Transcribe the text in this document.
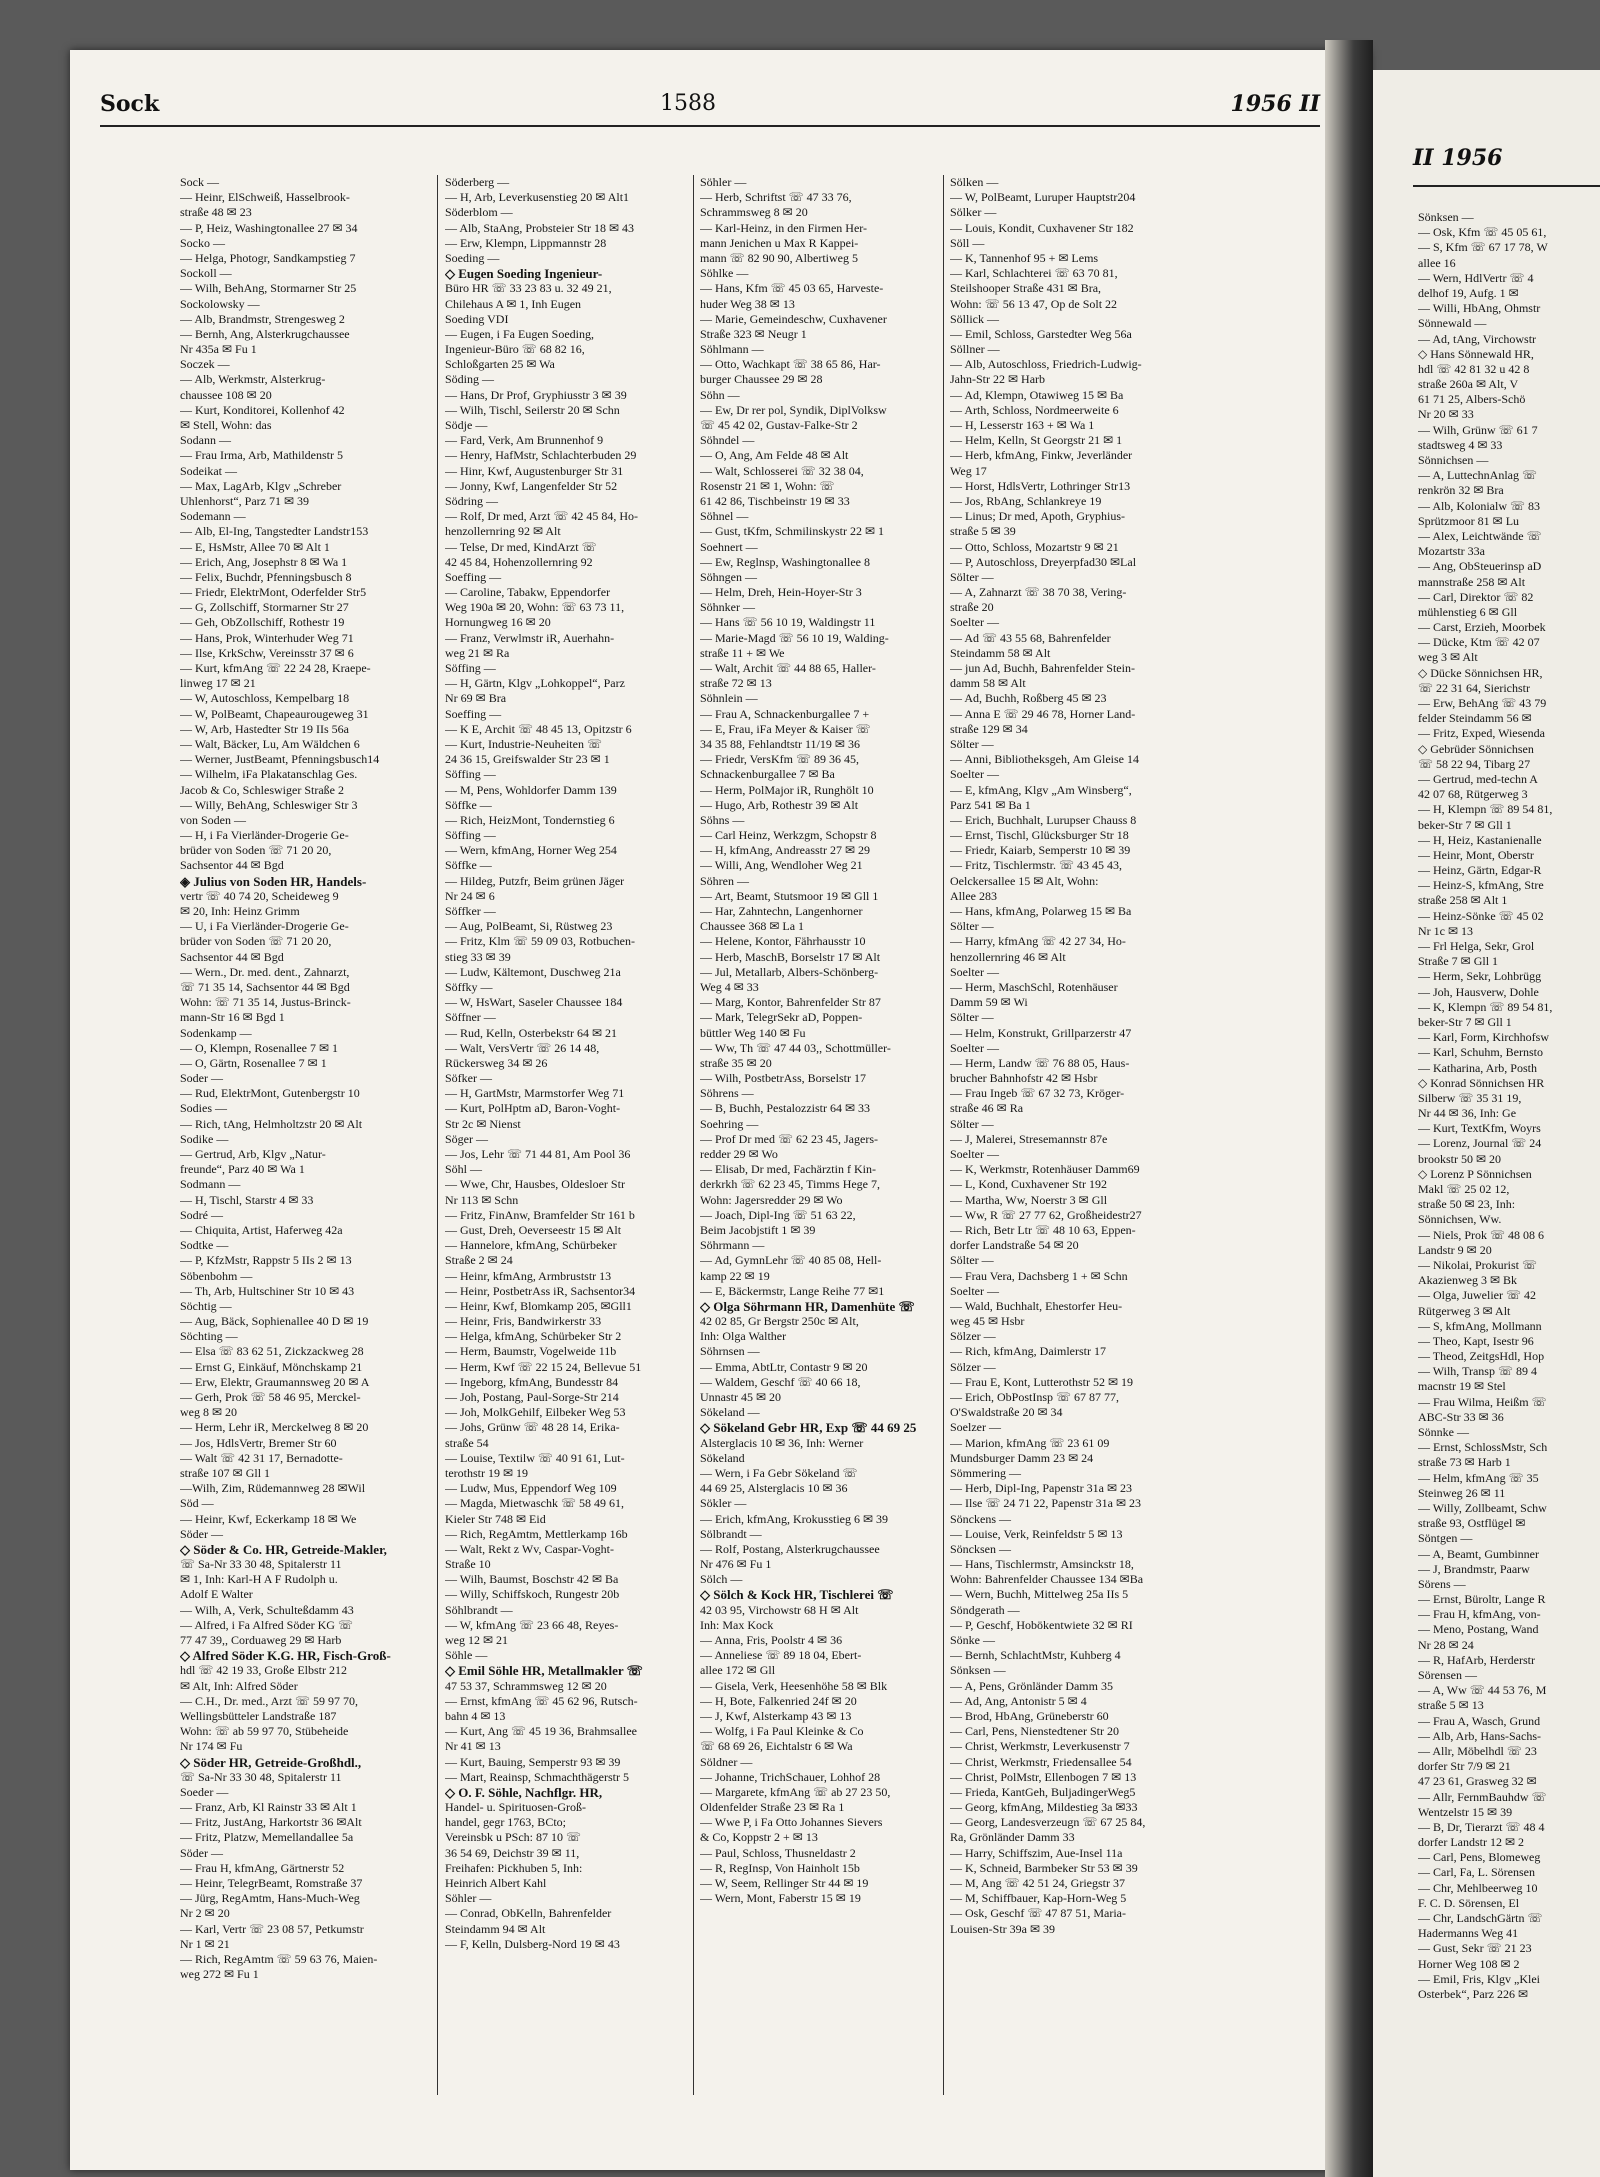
II 1956
Sönksen —
— Osk, Kfm ☏ 45 05 61,
— S, Kfm ☏ 67 17 78, W
allee 16
— Wern, HdlVertr ☏ 4
delhof 19, Aufg. 1 ✉
— Willi, HbAng, Ohmstr
Sönnewald —
— Ad, tAng, Virchowstr
◇ Hans Sönnewald HR,
hdl ☏ 42 81 32 u 42 8
straße 260a ✉ Alt, V
61 71 25, Albers-Schö
Nr 20 ✉ 33
— Wilh, Grünw ☏ 61 7
stadtsweg 4 ✉ 33
Sönnichsen —
— A, LuttechnAnlag ☏
renkrön 32 ✉ Bra
— Alb, Kolonialw ☏ 83
Sprützmoor 81 ✉ Lu
— Alex, Leichtwände ☏
Mozartstr 33a
— Ang, ObSteuerinsp aD
mannstraße 258 ✉ Alt
— Carl, Direktor ☏ 82
mühlenstieg 6 ✉ Gll
— Carst, Erzieh, Moorbek
— Dücke, Ktm ☏ 42 07
weg 3 ✉ Alt
◇ Dücke Sönnichsen HR,
☏ 22 31 64, Sierichstr
— Erw, BehAng ☏ 43 79
felder Steindamm 56 ✉
— Fritz, Exped, Wiesenda
◇ Gebrüder Sönnichsen
☏ 58 22 94, Tibarg 27
— Gertrud, med-techn A
42 07 68, Rütgerweg 3
— H, Klempn ☏ 89 54 81,
beker-Str 7 ✉ Gll 1
— H, Heiz, Kastanienalle
— Heinr, Mont, Oberstr
— Heinz, Gärtn, Edgar-R
— Heinz-S, kfmAng, Stre
straße 258 ✉ Alt 1
— Heinz-Sönke ☏ 45 02
Nr 1c ✉ 13
— Frl Helga, Sekr, Grol
Straße 7 ✉ Gll 1
— Herm, Sekr, Lohbrügg
— Joh, Hausverw, Dohle
— K, Klempn ☏ 89 54 81,
beker-Str 7 ✉ Gll 1
— Karl, Form, Kirchhofsw
— Karl, Schuhm, Bernsto
— Katharina, Arb, Posth
◇ Konrad Sönnichsen HR
Silberw ☏ 35 31 19,
Nr 44 ✉ 36, Inh: Ge
— Kurt, TextKfm, Woyrs
— Lorenz, Journal ☏ 24
brookstr 50 ✉ 20
◇ Lorenz P Sönnichsen
Makl ☏ 25 02 12,
straße 50 ✉ 23, Inh:
Sönnichsen, Ww.
— Niels, Prok ☏ 48 08 6
Landstr 9 ✉ 20
— Nikolai, Prokurist ☏
Akazienweg 3 ✉ Bk
— Olga, Juwelier ☏ 42
Rütgerweg 3 ✉ Alt
— S, kfmAng, Mollmann
— Theo, Kapt, Isestr 96
— Theod, ZeitgsHdl, Hop
— Wilh, Transp ☏ 89 4
macnstr 19 ✉ Stel
— Frau Wilma, Heißm ☏
ABC-Str 33 ✉ 36
Sönnke —
— Ernst, SchlossMstr, Sch
straße 73 ✉ Harb 1
— Helm, kfmAng ☏ 35
Steinweg 26 ✉ 11
— Willy, Zollbeamt, Schw
straße 93, Ostflügel ✉
Söntgen —
— A, Beamt, Gumbinner
— J, Brandmstr, Paarw
Sörens —
— Ernst, Büroltr, Lange R
— Frau H, kfmAng, von-
— Meno, Postang, Wand
Nr 28 ✉ 24
— R, HafArb, Herderstr
Sörensen —
— A, Ww ☏ 44 53 76, M
straße 5 ✉ 13
— Frau A, Wasch, Grund
— Alb, Arb, Hans-Sachs-
— Allr, Möbelhdl ☏ 23
dorfer Str 7/9 ✉ 21
47 23 61, Grasweg 32 ✉
— Allr, FernmBauhdw ☏
Wentzelstr 15 ✉ 39
— B, Dr, Tierarzt ☏ 48 4
dorfer Landstr 12 ✉ 2
— Carl, Pens, Blomeweg
— Carl, Fa, L. Sörensen
— Chr, Mehlbeerweg 10
F. C. D. Sörensen, El
— Chr, LandschGärtn ☏
Hadermanns Weg 41
— Gust, Sekr ☏ 21 23
Horner Weg 108 ✉ 2
— Emil, Fris, Klgv „Klei
Osterbek“, Parz 226 ✉
Sock	1588	1956 II
Sock —
— Heinr, ElSchweiß, Hasselbrook-
straße 48 ✉ 23
— P, Heiz, Washingtonallee 27 ✉ 34
Socko —
— Helga, Photogr, Sandkampstieg 7
Sockoll —
— Wilh, BehAng, Stormarner Str 25
Sockolowsky —
— Alb, Brandmstr, Strengesweg 2
— Bernh, Ang, Alsterkrugchaussee
Nr 435a ✉ Fu 1
Soczek —
— Alb, Werkmstr, Alsterkrug-
chaussee 108 ✉ 20
— Kurt, Konditorei, Kollenhof 42
✉ Stell, Wohn: das
Sodann —
— Frau Irma, Arb, Mathildenstr 5
Sodeikat —
— Max, LagArb, Klgv „Schreber
Uhlenhorst“, Parz 71 ✉ 39
Sodemann —
— Alb, El-Ing, Tangstedter Landstr153
— E, HsMstr, Allee 70 ✉ Alt 1
— Erich, Ang, Josephstr 8 ✉ Wa 1
— Felix, Buchdr, Pfenningsbusch 8
— Friedr, ElektrMont, Oderfelder Str5
— G, Zollschiff, Stormarner Str 27
— Geh, ObZollschiff, Rothestr 19
— Hans, Prok, Winterhuder Weg 71
— Ilse, KrkSchw, Vereinsstr 37 ✉ 6
— Kurt, kfmAng ☏ 22 24 28, Kraepe-
linweg 17 ✉ 21
— W, Autoschloss, Kempelbarg 18
— W, PolBeamt, Chapeaurougeweg 31
— W, Arb, Hastedter Str 19 IIs 56a
— Walt, Bäcker, Lu, Am Wäldchen 6
— Werner, JustBeamt, Pfenningsbusch14
— Wilhelm, iFa Plakatanschlag Ges.
Jacob & Co, Schleswiger Straße 2
— Willy, BehAng, Schleswiger Str 3
von Soden —
— H, i Fa Vierländer-Drogerie Ge-
brüder von Soden ☏ 71 20 20,
Sachsentor 44 ✉ Bgd
◈ Julius von Soden HR, Handels-
vertr ☏ 40 74 20, Scheideweg 9
✉ 20, Inh: Heinz Grimm
— U, i Fa Vierländer-Drogerie Ge-
brüder von Soden ☏ 71 20 20,
Sachsentor 44 ✉ Bgd
— Wern., Dr. med. dent., Zahnarzt,
☏ 71 35 14, Sachsentor 44 ✉ Bgd
Wohn: ☏ 71 35 14, Justus-Brinck-
mann-Str 16 ✉ Bgd 1
Sodenkamp —
— O, Klempn, Rosenallee 7 ✉ 1
— O, Gärtn, Rosenallee 7 ✉ 1
Soder —
— Rud, ElektrMont, Gutenbergstr 10
Sodies —
— Rich, tAng, Helmholtzstr 20 ✉ Alt
Sodike —
— Gertrud, Arb, Klgv „Natur-
freunde“, Parz 40 ✉ Wa 1
Sodmann —
— H, Tischl, Starstr 4 ✉ 33
Sodré —
— Chiquita, Artist, Haferweg 42a
Sodtke —
— P, KfzMstr, Rappstr 5 IIs 2 ✉ 13
Söbenbohm —
— Th, Arb, Hultschiner Str 10 ✉ 43
Söchtig —
— Aug, Bäck, Sophienallee 40 D ✉ 19
Söchting —
— Elsa ☏ 83 62 51, Zickzackweg 28
— Ernst G, Einkäuf, Mönchskamp 21
— Erw, Elektr, Graumannsweg 20 ✉ A
— Gerh, Prok ☏ 58 46 95, Merckel-
weg 8 ✉ 20
— Herm, Lehr iR, Merckelweg 8 ✉ 20
— Jos, HdlsVertr, Bremer Str 60
— Walt ☏ 42 31 17, Bernadotte-
straße 107 ✉ Gll 1
—Wilh, Zim, Rüdemannweg 28 ✉Wil
Söd —
— Heinr, Kwf, Eckerkamp 18 ✉ We
Söder —
◇ Söder & Co. HR, Getreide-Makler,
☏ Sa-Nr 33 30 48, Spitalerstr 11
✉ 1, Inh: Karl-H A F Rudolph u.
Adolf E Walter
— Wilh, A, Verk, Schulteßdamm 43
— Alfred, i Fa Alfred Söder KG ☏
77 47 39,, Corduaweg 29 ✉ Harb
◇ Alfred Söder K.G. HR, Fisch-Groß-
hdl ☏ 42 19 33, Große Elbstr 212
✉ Alt, Inh: Alfred Söder
— C.H., Dr. med., Arzt ☏ 59 97 70,
Wellingsbütteler Landstraße 187
Wohn: ☏ ab 59 97 70, Stübeheide
Nr 174 ✉ Fu
◇ Söder HR, Getreide-Großhdl.,
☏ Sa-Nr 33 30 48, Spitalerstr 11
Soeder —
— Franz, Arb, Kl Rainstr 33 ✉ Alt 1
— Fritz, JustAng, Harkortstr 36 ✉Alt
— Fritz, Platzw, Memellandallee 5a
Söder —
— Frau H, kfmAng, Gärtnerstr 52
— Heinr, TelegrBeamt, Romstraße 37
— Jürg, RegAmtm, Hans-Much-Weg
Nr 2 ✉ 20
— Karl, Vertr ☏ 23 08 57, Petkumstr
Nr 1 ✉ 21
— Rich, RegAmtm ☏ 59 63 76, Maien-
weg 272 ✉ Fu 1
Söderberg —
— H, Arb, Leverkusenstieg 20 ✉ Alt1
Söderblom —
— Alb, StaAng, Probsteier Str 18 ✉ 43
— Erw, Klempn, Lippmannstr 28
Soeding —
◇ Eugen Soeding Ingenieur-
Büro HR ☏ 33 23 83 u. 32 49 21,
Chilehaus A ✉ 1, Inh Eugen
Soeding VDI
— Eugen, i Fa Eugen Soeding,
Ingenieur-Büro ☏ 68 82 16,
Schloßgarten 25 ✉ Wa
Söding —
— Hans, Dr Prof, Gryphiusstr 3 ✉ 39
— Wilh, Tischl, Seilerstr 20 ✉ Schn
Södje —
— Fard, Verk, Am Brunnenhof 9
— Henry, HafMstr, Schlachterbuden 29
— Hinr, Kwf, Augustenburger Str 31
— Jonny, Kwf, Langenfelder Str 52
Södring —
— Rolf, Dr med, Arzt ☏ 42 45 84, Ho-
henzollernring 92 ✉ Alt
— Telse, Dr med, KindArzt ☏
42 45 84, Hohenzollernring 92
Soeffing —
— Caroline, Tabakw, Eppendorfer
Weg 190a ✉ 20, Wohn: ☏ 63 73 11,
Hornungweg 16 ✉ 20
— Franz, Verwlmstr iR, Auerhahn-
weg 21 ✉ Ra
Söffing —
— H, Gärtn, Klgv „Lohkoppel“, Parz
Nr 69 ✉ Bra
Soeffing —
— K E, Archit ☏ 48 45 13, Opitzstr 6
— Kurt, Industrie-Neuheiten ☏
24 36 15, Greifswalder Str 23 ✉ 1
Söffing —
— M, Pens, Wohldorfer Damm 139
Söffke —
— Rich, HeizMont, Tondernstieg 6
Söffing —
— Wern, kfmAng, Horner Weg 254
Söffke —
— Hildeg, Putzfr, Beim grünen Jäger
Nr 24 ✉ 6
Söffker —
— Aug, PolBeamt, Si, Rüstweg 23
— Fritz, Klm ☏ 59 09 03, Rotbuchen-
stieg 33 ✉ 39
— Ludw, Kältemont, Duschweg 21a
Söffky —
— W, HsWart, Saseler Chaussee 184
Söffner —
— Rud, Kelln, Osterbekstr 64 ✉ 21
— Walt, VersVertr ☏ 26 14 48,
Rückersweg 34 ✉ 26
Söfker —
— H, GartMstr, Marmstorfer Weg 71
— Kurt, PolHptm aD, Baron-Voght-
Str 2c ✉ Nienst
Söger —
— Jos, Lehr ☏ 71 44 81, Am Pool 36
Söhl —
— Wwe, Chr, Hausbes, Oldesloer Str
Nr 113 ✉ Schn
— Fritz, FinAnw, Bramfelder Str 161 b
— Gust, Dreh, Oeverseestr 15 ✉ Alt
— Hannelore, kfmAng, Schürbeker
Straße 2 ✉ 24
— Heinr, kfmAng, Armbruststr 13
— Heinr, PostbetrAss iR, Sachsentor34
— Heinr, Kwf, Blomkamp 205, ✉Gll1
— Heinr, Fris, Bandwirkerstr 33
— Helga, kfmAng, Schürbeker Str 2
— Herm, Baumstr, Vogelweide 11b
— Herm, Kwf ☏ 22 15 24, Bellevue 51
— Ingeborg, kfmAng, Bundesstr 84
— Joh, Postang, Paul-Sorge-Str 214
— Joh, MolkGehilf, Eilbeker Weg 53
— Johs, Grünw ☏ 48 28 14, Erika-
straße 54
— Louise, Textilw ☏ 40 91 61, Lut-
terothstr 19 ✉ 19
— Ludw, Mus, Eppendorf Weg 109
— Magda, Mietwaschk ☏ 58 49 61,
Kieler Str 748 ✉ Eid
— Rich, RegAmtm, Mettlerkamp 16b
— Walt, Rekt z Wv, Caspar-Voght-
Straße 10
— Wilh, Baumst, Boschstr 42 ✉ Ba
— Willy, Schiffskoch, Rungestr 20b
Söhlbrandt —
— W, kfmAng ☏ 23 66 48, Reyes-
weg 12 ✉ 21
Söhle —
◇ Emil Söhle HR, Metallmakler ☏
47 53 37, Schrammsweg 12 ✉ 20
— Ernst, kfmAng ☏ 45 62 96, Rutsch-
bahn 4 ✉ 13
— Kurt, Ang ☏ 45 19 36, Brahmsallee
Nr 41 ✉ 13
— Kurt, Bauing, Semperstr 93 ✉ 39
— Mart, Reainsp, Schmachthägerstr 5
◇ O. F. Söhle, Nachflgr. HR,
Handel- u. Spirituosen-Groß-
handel, gegr 1763, BCto;
Vereinsbk u PSch: 87 10 ☏
36 54 69, Deichstr 39 ✉ 11,
Freihafen: Pickhuben 5, Inh:
Heinrich Albert Kahl
Söhler —
— Conrad, ObKelln, Bahrenfelder
Steindamm 94 ✉ Alt
— F, Kelln, Dulsberg-Nord 19 ✉ 43
Söhler —
— Herb, Schriftst ☏ 47 33 76,
Schrammsweg 8 ✉ 20
— Karl-Heinz, in den Firmen Her-
mann Jenichen u Max R Kappei-
mann ☏ 82 90 90, Albertiweg 5
Söhlke —
— Hans, Kfm ☏ 45 03 65, Harveste-
huder Weg 38 ✉ 13
— Marie, Gemeindeschw, Cuxhavener
Straße 323 ✉ Neugr 1
Söhlmann —
— Otto, Wachkapt ☏ 38 65 86, Har-
burger Chaussee 29 ✉ 28
Söhn —
— Ew, Dr rer pol, Syndik, DiplVolksw
☏ 45 42 02, Gustav-Falke-Str 2
Söhndel —
— O, Ang, Am Felde 48 ✉ Alt
— Walt, Schlosserei ☏ 32 38 04,
Rosenstr 21 ✉ 1, Wohn: ☏
61 42 86, Tischbeinstr 19 ✉ 33
Söhnel —
— Gust, tKfm, Schmilinskystr 22 ✉ 1
Soehnert —
— Ew, Reglnsp, Washingtonallee 8
Söhngen —
— Helm, Dreh, Hein-Hoyer-Str 3
Söhnker —
— Hans ☏ 56 10 19, Waldingstr 11
— Marie-Magd ☏ 56 10 19, Walding-
straße 11 + ✉ We
— Walt, Archit ☏ 44 88 65, Haller-
straße 72 ✉ 13
Söhnlein —
— Frau A, Schnackenburgallee 7 +
— E, Frau, iFa Meyer & Kaiser ☏
34 35 88, Fehlandtstr 11/19 ✉ 36
— Friedr, VersKfm ☏ 89 36 45,
Schnackenburgallee 7 ✉ Ba
— Herm, PolMajor iR, Runghölt 10
— Hugo, Arb, Rothestr 39 ✉ Alt
Söhns —
— Carl Heinz, Werkzgm, Schopstr 8
— H, kfmAng, Andreasstr 27 ✉ 29
— Willi, Ang, Wendloher Weg 21
Söhren —
— Art, Beamt, Stutsmoor 19 ✉ Gll 1
— Har, Zahntechn, Langenhorner
Chaussee 368 ✉ La 1
— Helene, Kontor, Fährhausstr 10
— Herb, MaschB, Borselstr 17 ✉ Alt
— Jul, Metallarb, Albers-Schönberg-
Weg 4 ✉ 33
— Marg, Kontor, Bahrenfelder Str 87
— Mark, TelegrSekr aD, Poppen-
büttler Weg 140 ✉ Fu
— Ww, Th ☏ 47 44 03,, Schottmüller-
straße 35 ✉ 20
— Wilh, PostbetrAss, Borselstr 17
Söhrens —
— B, Buchh, Pestalozzistr 64 ✉ 33
Soehring —
— Prof Dr med ☏ 62 23 45, Jagers-
redder 29 ✉ Wo
— Elisab, Dr med, Fachärztin f Kin-
derkrkh ☏ 62 23 45, Timms Hege 7,
Wohn: Jagersredder 29 ✉ Wo
— Joach, Dipl-Ing ☏ 51 63 22,
Beim Jacobjstift 1 ✉ 39
Söhrmann —
— Ad, GymnLehr ☏ 40 85 08, Hell-
kamp 22 ✉ 19
— E, Bäckermstr, Lange Reihe 77 ✉1
◇ Olga Söhrmann HR, Damenhüte ☏
42 02 85, Gr Bergstr 250c ✉ Alt,
Inh: Olga Walther
Söhrnsen —
— Emma, AbtLtr, Contastr 9 ✉ 20
— Waldem, Geschf ☏ 40 66 18,
Unnastr 45 ✉ 20
Sökeland —
◇ Sökeland Gebr HR, Exp ☏ 44 69 25
Alsterglacis 10 ✉ 36, Inh: Werner
Sökeland
— Wern, i Fa Gebr Sökeland ☏
44 69 25, Alsterglacis 10 ✉ 36
Sökler —
— Erich, kfmAng, Krokusstieg 6 ✉ 39
Sölbrandt —
— Rolf, Postang, Alsterkrugchaussee
Nr 476 ✉ Fu 1
Sölch —
◇ Sölch & Kock HR, Tischlerei ☏
42 03 95, Virchowstr 68 H ✉ Alt
Inh: Max Kock
— Anna, Fris, Poolstr 4 ✉ 36
— Anneliese ☏ 89 18 04, Ebert-
allee 172 ✉ Gll
— Gisela, Verk, Heesenhöhe 58 ✉ Blk
— H, Bote, Falkenried 24f ✉ 20
— J, Kwf, Alsterkamp 43 ✉ 13
— Wolfg, i Fa Paul Kleinke & Co
☏ 68 69 26, Eichtalstr 6 ✉ Wa
Söldner —
— Johanne, TrichSchauer, Lohhof 28
— Margarete, kfmAng ☏ ab 27 23 50,
Oldenfelder Straße 23 ✉ Ra 1
— Wwe P, i Fa Otto Johannes Sievers
& Co, Koppstr 2 + ✉ 13
— Paul, Schloss, Thusneldastr 2
— R, RegInsp, Von Hainholt 15b
— W, Seem, Rellinger Str 44 ✉ 19
— Wern, Mont, Faberstr 15 ✉ 19
Sölken —
— W, PolBeamt, Luruper Hauptstr204
Sölker —
— Louis, Kondit, Cuxhavener Str 182
Söll —
— K, Tannenhof 95 + ✉ Lems
— Karl, Schlachterei ☏ 63 70 81,
Steilshooper Straße 431 ✉ Bra,
Wohn: ☏ 56 13 47, Op de Solt 22
Söllick —
— Emil, Schloss, Garstedter Weg 56a
Söllner —
— Alb, Autoschloss, Friedrich-Ludwig-
Jahn-Str 22 ✉ Harb
— Ad, Klempn, Otawiweg 15 ✉ Ba
— Arth, Schloss, Nordmeerweite 6
— H, Lesserstr 163 + ✉ Wa 1
— Helm, Kelln, St Georgstr 21 ✉ 1
— Herb, kfmAng, Finkw, Jeverländer
Weg 17
— Horst, HdlsVertr, Lothringer Str13
— Jos, RbAng, Schlankreye 19
— Linus; Dr med, Apoth, Gryphius-
straße 5 ✉ 39
— Otto, Schloss, Mozartstr 9 ✉ 21
— P, Autoschloss, Dreyerpfad30 ✉Lal
Sölter —
— A, Zahnarzt ☏ 38 70 38, Vering-
straße 20
Soelter —
— Ad ☏ 43 55 68, Bahrenfelder
Steindamm 58 ✉ Alt
— jun Ad, Buchh, Bahrenfelder Stein-
damm 58 ✉ Alt
— Ad, Buchh, Roßberg 45 ✉ 23
— Anna E ☏ 29 46 78, Horner Land-
straße 129 ✉ 34
Sölter —
— Anni, Bibliotheksgeh, Am Gleise 14
Soelter —
— E, kfmAng, Klgv „Am Winsberg“,
Parz 541 ✉ Ba 1
— Erich, Buchhalt, Lurupser Chauss 8
— Ernst, Tischl, Glücksburger Str 18
— Friedr, Kaiarb, Semperstr 10 ✉ 39
— Fritz, Tischlermstr. ☏ 43 45 43,
Oelckersallee 15 ✉ Alt, Wohn:
Allee 283
— Hans, kfmAng, Polarweg 15 ✉ Ba
Sölter —
— Harry, kfmAng ☏ 42 27 34, Ho-
henzollernring 46 ✉ Alt
Soelter —
— Herm, MaschSchl, Rotenhäuser
Damm 59 ✉ Wi
Sölter —
— Helm, Konstrukt, Grillparzerstr 47
Soelter —
— Herm, Landw ☏ 76 88 05, Haus-
brucher Bahnhofstr 42 ✉ Hsbr
— Frau Ingeb ☏ 67 32 73, Kröger-
straße 46 ✉ Ra
Sölter —
— J, Malerei, Stresemannstr 87e
Soelter —
— K, Werkmstr, Rotenhäuser Damm69
— L, Kond, Cuxhavener Str 192
— Martha, Ww, Noerstr 3 ✉ Gll
— Ww, R ☏ 27 77 62, Großheidestr27
— Rich, Betr Ltr ☏ 48 10 63, Eppen-
dorfer Landstraße 54 ✉ 20
Sölter —
— Frau Vera, Dachsberg 1 + ✉ Schn
Soelter —
— Wald, Buchhalt, Ehestorfer Heu-
weg 45 ✉ Hsbr
Sölzer —
— Rich, kfmAng, Daimlerstr 17
Sölzer —
— Frau E, Kont, Lutterothstr 52 ✉ 19
— Erich, ObPostInsp ☏ 67 87 77,
O'Swaldstraße 20 ✉ 34
Soelzer —
— Marion, kfmAng ☏ 23 61 09
Mundsburger Damm 23 ✉ 24
Sömmering —
— Herb, Dipl-Ing, Papenstr 31a ✉ 23
— Ilse ☏ 24 71 22, Papenstr 31a ✉ 23
Sönckens —
— Louise, Verk, Reinfeldstr 5 ✉ 13
Söncksen —
— Hans, Tischlermstr, Amsinckstr 18,
Wohn: Bahrenfelder Chaussee 134 ✉Ba
— Wern, Buchh, Mittelweg 25a IIs 5
Söndgerath —
— P, Geschf, Hobökentwiete 32 ✉ RI
Sönke —
— Bernh, SchlachtMstr, Kuhberg 4
Sönksen —
— A, Pens, Grönländer Damm 35
— Ad, Ang, Antonistr 5 ✉ 4
— Brod, HbAng, Grüneberstr 60
— Carl, Pens, Nienstedtener Str 20
— Christ, Werkmstr, Leverkusenstr 7
— Christ, Werkmstr, Friedensallee 54
— Christ, PolMstr, Ellenbogen 7 ✉ 13
— Frieda, KantGeh, BuljadingerWeg5
— Georg, kfmAng, Mildestieg 3a ✉33
— Georg, Landesverzeugn ☏ 67 25 84,
Ra, Grönländer Damm 33
— Harry, Schiffszim, Aue-Insel 11a
— K, Schneid, Barmbeker Str 53 ✉ 39
— M, Ang ☏ 42 51 24, Griegstr 37
— M, Schiffbauer, Kap-Horn-Weg 5
— Osk, Geschf ☏ 47 87 51, Maria-
Louisen-Str 39a ✉ 39
